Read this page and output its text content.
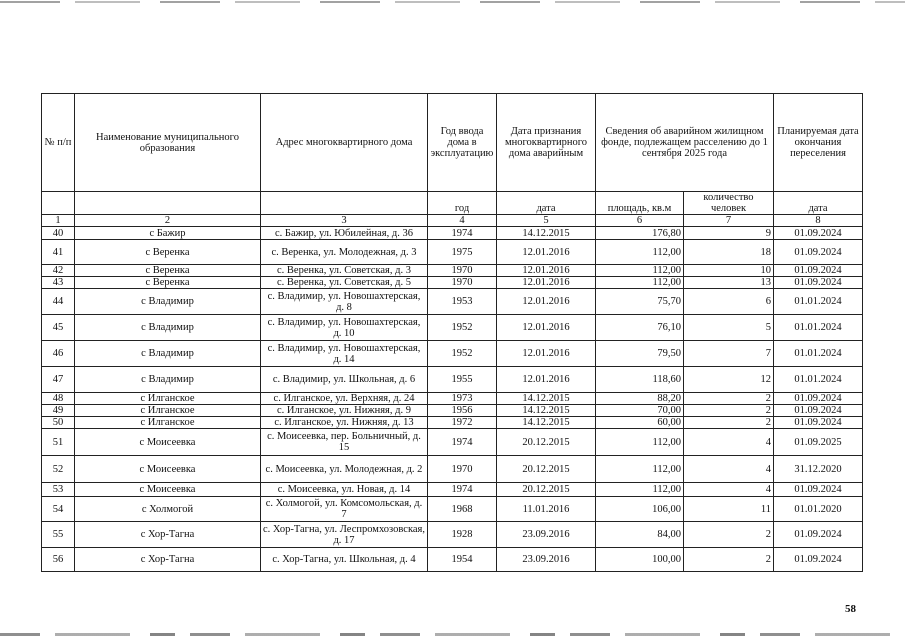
№ п/п	Наименование муниципального образования	Адрес многоквартирного дома	Год ввода дома в эксплуатацию	Дата признания многоквартирного дома аварийным	Сведения об аварийном жилищном фонде, подлежащем расселению до 1 сентября 2025 года		Планируемая дата окончания переселения
			год	дата	площадь, кв.м	количество человек	дата
1	2	3	4	5	6	7	8
40	с Бажир	с. Бажир, ул. Юбилейная, д. 36	1974	14.12.2015	176,80	9	01.09.2024
41	с Веренка	с. Веренка, ул. Молодежная, д. 3	1975	12.01.2016	112,00	18	01.09.2024
42	с Веренка	с. Веренка, ул. Советская, д. 3	1970	12.01.2016	112,00	10	01.09.2024
43	с Веренка	с. Веренка, ул. Советская, д. 5	1970	12.01.2016	112,00	13	01.09.2024
44	с Владимир	с. Владимир, ул. Новошахтерская, д. 8	1953	12.01.2016	75,70	6	01.01.2024
45	с Владимир	с. Владимир, ул. Новошахтерская, д. 10	1952	12.01.2016	76,10	5	01.01.2024
46	с Владимир	с. Владимир, ул. Новошахтерская, д. 14	1952	12.01.2016	79,50	7	01.01.2024
47	с Владимир	с. Владимир, ул. Школьная, д. 6	1955	12.01.2016	118,60	12	01.01.2024
48	с Илганское	с. Илганское, ул. Верхняя, д. 24	1973	14.12.2015	88,20	2	01.09.2024
49	с Илганское	с. Илганское, ул. Нижняя, д. 9	1956	14.12.2015	70,00	2	01.09.2024
50	с Илганское	с. Илганское, ул. Нижняя, д. 13	1972	14.12.2015	60,00	2	01.09.2024
51	с Моисеевка	с. Моисеевка, пер. Больничный, д. 15	1974	20.12.2015	112,00	4	01.09.2025
52	с Моисеевка	с. Моисеевка, ул. Молодежная, д. 2	1970	20.12.2015	112,00	4	31.12.2020
53	с Моисеевка	с. Моисеевка, ул. Новая, д. 14	1974	20.12.2015	112,00	4	01.09.2024
54	с Холмогой	с. Холмогой, ул. Комсомольская, д. 7	1968	11.01.2016	106,00	11	01.01.2020
55	с Хор-Тагна	с. Хор-Тагна, ул. Леспромхозовская, д. 17	1928	23.09.2016	84,00	2	01.09.2024
56	с Хор-Тагна	с. Хор-Тагна, ул. Школьная, д. 4	1954	23.09.2016	100,00	2	01.09.2024
58
